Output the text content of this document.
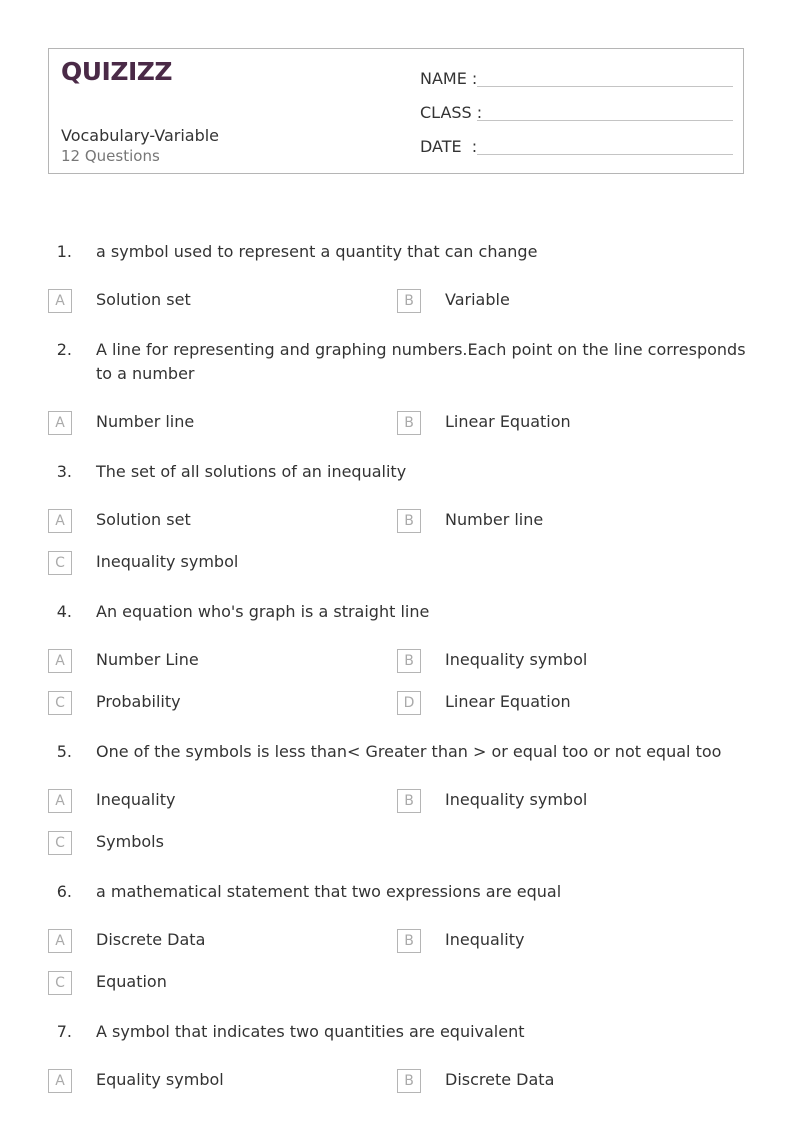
QUIZIZZ
Vocabulary-Variable
12 Questions
NAME :
CLASS :
DATE  :
1. a symbol used to represent a quantity that can change
A	Solution set	B	Variable
2. A line for representing and graphing numbers.Each point on the line corresponds to a number
A	Number line	B	Linear Equation
3. The set of all solutions of an inequality
A	Solution set	B	Number line
C	Inequality symbol
4. An equation who's graph is a straight line
A	Number Line	B	Inequality symbol
C	Probability	D	Linear Equation
5. One of the symbols is less than< Greater than > or equal too or not equal too
A	Inequality	B	Inequality symbol
C	Symbols
6. a mathematical statement that two expressions are equal
A	Discrete Data	B	Inequality
C	Equation
7. A symbol that indicates two quantities are equivalent
A	Equality symbol	B	Discrete Data
